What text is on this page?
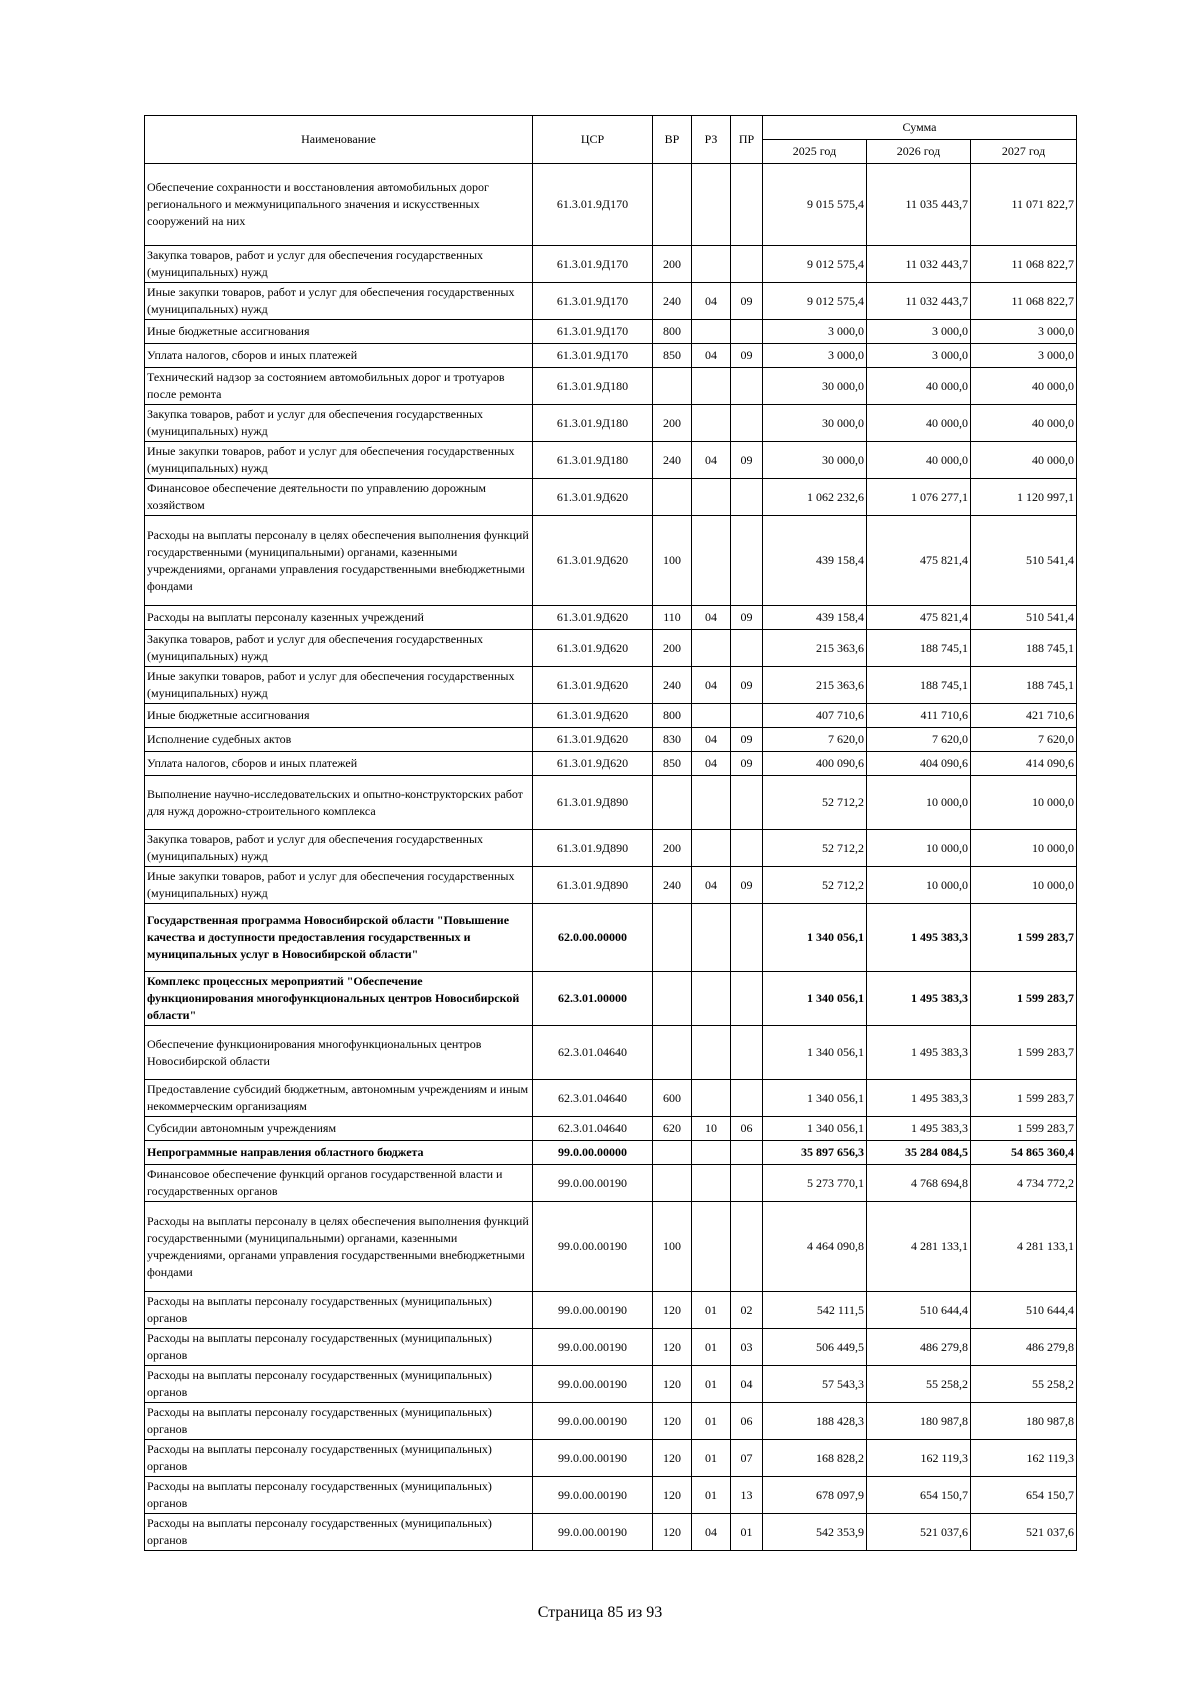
Наименование	ЦСР	ВР	РЗ	ПР	Сумма		
					2025 год	2026 год	2027 год
Обеспечение сохранности и восстановления автомобильных дорог регионального и межмуниципального значения и искусственных сооружений на них	61.3.01.9Д170				9 015 575,4	11 035 443,7	11 071 822,7
Закупка товаров, работ и услуг для обеспечения государственных (муниципальных) нужд	61.3.01.9Д170	200			9 012 575,4	11 032 443,7	11 068 822,7
Иные закупки товаров, работ и услуг для обеспечения государственных (муниципальных) нужд	61.3.01.9Д170	240	04	09	9 012 575,4	11 032 443,7	11 068 822,7
Иные бюджетные ассигнования	61.3.01.9Д170	800			3 000,0	3 000,0	3 000,0
Уплата налогов, сборов и иных платежей	61.3.01.9Д170	850	04	09	3 000,0	3 000,0	3 000,0
Технический надзор за состоянием автомобильных дорог и тротуаров после ремонта	61.3.01.9Д180				30 000,0	40 000,0	40 000,0
Закупка товаров, работ и услуг для обеспечения государственных (муниципальных) нужд	61.3.01.9Д180	200			30 000,0	40 000,0	40 000,0
Иные закупки товаров, работ и услуг для обеспечения государственных (муниципальных) нужд	61.3.01.9Д180	240	04	09	30 000,0	40 000,0	40 000,0
Финансовое обеспечение деятельности по управлению дорожным хозяйством	61.3.01.9Д620				1 062 232,6	1 076 277,1	1 120 997,1
Расходы на выплаты персоналу в целях обеспечения выполнения функций государственными (муниципальными) органами, казенными учреждениями, органами управления государственными внебюджетными фондами	61.3.01.9Д620	100			439 158,4	475 821,4	510 541,4
Расходы на выплаты персоналу казенных учреждений	61.3.01.9Д620	110	04	09	439 158,4	475 821,4	510 541,4
Закупка товаров, работ и услуг для обеспечения государственных (муниципальных) нужд	61.3.01.9Д620	200			215 363,6	188 745,1	188 745,1
Иные закупки товаров, работ и услуг для обеспечения государственных (муниципальных) нужд	61.3.01.9Д620	240	04	09	215 363,6	188 745,1	188 745,1
Иные бюджетные ассигнования	61.3.01.9Д620	800			407 710,6	411 710,6	421 710,6
Исполнение судебных актов	61.3.01.9Д620	830	04	09	7 620,0	7 620,0	7 620,0
Уплата налогов, сборов и иных платежей	61.3.01.9Д620	850	04	09	400 090,6	404 090,6	414 090,6
Выполнение научно-исследовательских и опытно-конструкторских работ для нужд дорожно-строительного комплекса	61.3.01.9Д890				52 712,2	10 000,0	10 000,0
Закупка товаров, работ и услуг для обеспечения государственных (муниципальных) нужд	61.3.01.9Д890	200			52 712,2	10 000,0	10 000,0
Иные закупки товаров, работ и услуг для обеспечения государственных (муниципальных) нужд	61.3.01.9Д890	240	04	09	52 712,2	10 000,0	10 000,0
Государственная программа Новосибирской области "Повышение качества и доступности предоставления государственных и муниципальных услуг в Новосибирской области"	62.0.00.00000				1 340 056,1	1 495 383,3	1 599 283,7
Комплекс процессных мероприятий "Обеспечение функционирования многофункциональных центров Новосибирской области"	62.3.01.00000				1 340 056,1	1 495 383,3	1 599 283,7
Обеспечение функционирования многофункциональных центров Новосибирской области	62.3.01.04640				1 340 056,1	1 495 383,3	1 599 283,7
Предоставление субсидий бюджетным, автономным учреждениям и иным некоммерческим организациям	62.3.01.04640	600			1 340 056,1	1 495 383,3	1 599 283,7
Субсидии автономным учреждениям	62.3.01.04640	620	10	06	1 340 056,1	1 495 383,3	1 599 283,7
Непрограммные направления областного бюджета	99.0.00.00000				35 897 656,3	35 284 084,5	54 865 360,4
Финансовое обеспечение функций органов государственной власти и государственных органов	99.0.00.00190				5 273 770,1	4 768 694,8	4 734 772,2
Расходы на выплаты персоналу в целях обеспечения выполнения функций государственными (муниципальными) органами, казенными учреждениями, органами управления государственными внебюджетными фондами	99.0.00.00190	100			4 464 090,8	4 281 133,1	4 281 133,1
Расходы на выплаты персоналу государственных (муниципальных) органов	99.0.00.00190	120	01	02	542 111,5	510 644,4	510 644,4
Расходы на выплаты персоналу государственных (муниципальных) органов	99.0.00.00190	120	01	03	506 449,5	486 279,8	486 279,8
Расходы на выплаты персоналу государственных (муниципальных) органов	99.0.00.00190	120	01	04	57 543,3	55 258,2	55 258,2
Расходы на выплаты персоналу государственных (муниципальных) органов	99.0.00.00190	120	01	06	188 428,3	180 987,8	180 987,8
Расходы на выплаты персоналу государственных (муниципальных) органов	99.0.00.00190	120	01	07	168 828,2	162 119,3	162 119,3
Расходы на выплаты персоналу государственных (муниципальных) органов	99.0.00.00190	120	01	13	678 097,9	654 150,7	654 150,7
Расходы на выплаты персоналу государственных (муниципальных) органов	99.0.00.00190	120	04	01	542 353,9	521 037,6	521 037,6
Страница 85 из 93
